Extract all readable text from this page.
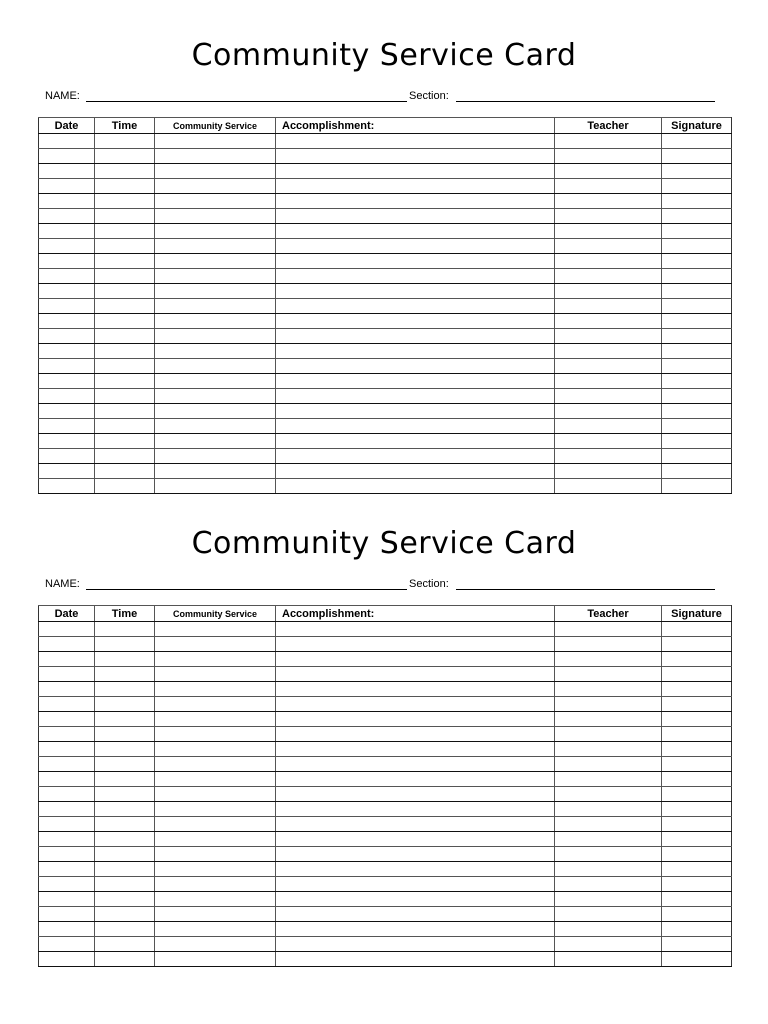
Community Service Card
NAME:	Section:
Date	Time	Community Service	Accomplishment:	Teacher	Signature

Community Service Card
NAME:	Section:
Date	Time	Community Service	Accomplishment:	Teacher	Signature
